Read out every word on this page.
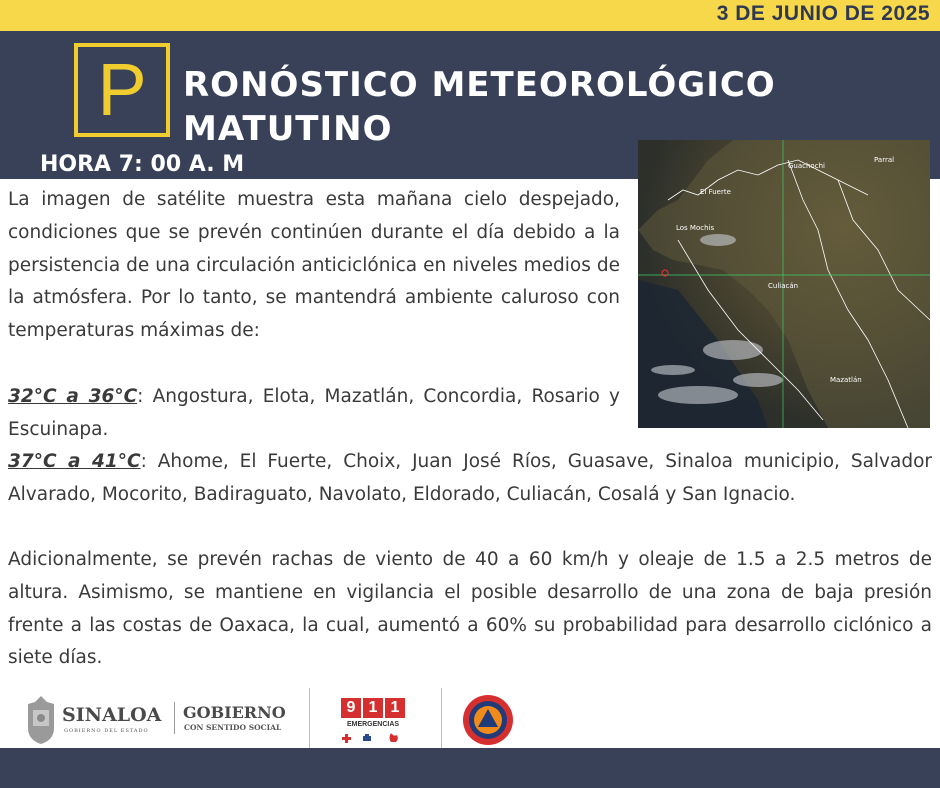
3 DE JUNIO DE 2025
P RONÓSTICO METEOROLÓGICO
MATUTINO
HORA 7: 00 A. M	Guachochi
Parral
El Fuerte
Los Mochis
Culiacán
Mazatlán
La imagen de satélite muestra esta mañana cielo despejado, condiciones que se prevén continúen durante el día debido a la persistencia de una circulación anticiclónica en niveles medios de la atmósfera. Por lo tanto, se mantendrá ambiente caluroso con temperaturas máximas de:
32°C a 36°C: Angostura, Elota, Mazatlán, Concordia, Rosario y Escuinapa.
37°C a 41°C: Ahome, El Fuerte, Choix, Juan José Ríos, Guasave, Sinaloa municipio, Salvador Alvarado, Mocorito, Badiraguato, Navolato, Eldorado, Culiacán, Cosalá y San Ignacio.
Adicionalmente, se prevén rachas de viento de 40 a 60 km/h y oleaje de 1.5 a 2.5 metros de altura. Asimismo, se mantiene en vigilancia el posible desarrollo de una zona de baja presión frente a las costas de Oaxaca, la cual, aumentó a 60% su probabilidad para desarrollo ciclónico a siete días.
SINALOA
GOBIERNO DEL ESTADO
GOBIERNO
CON SENTIDO SOCIAL
9 1 1
EMERGENCIAS
